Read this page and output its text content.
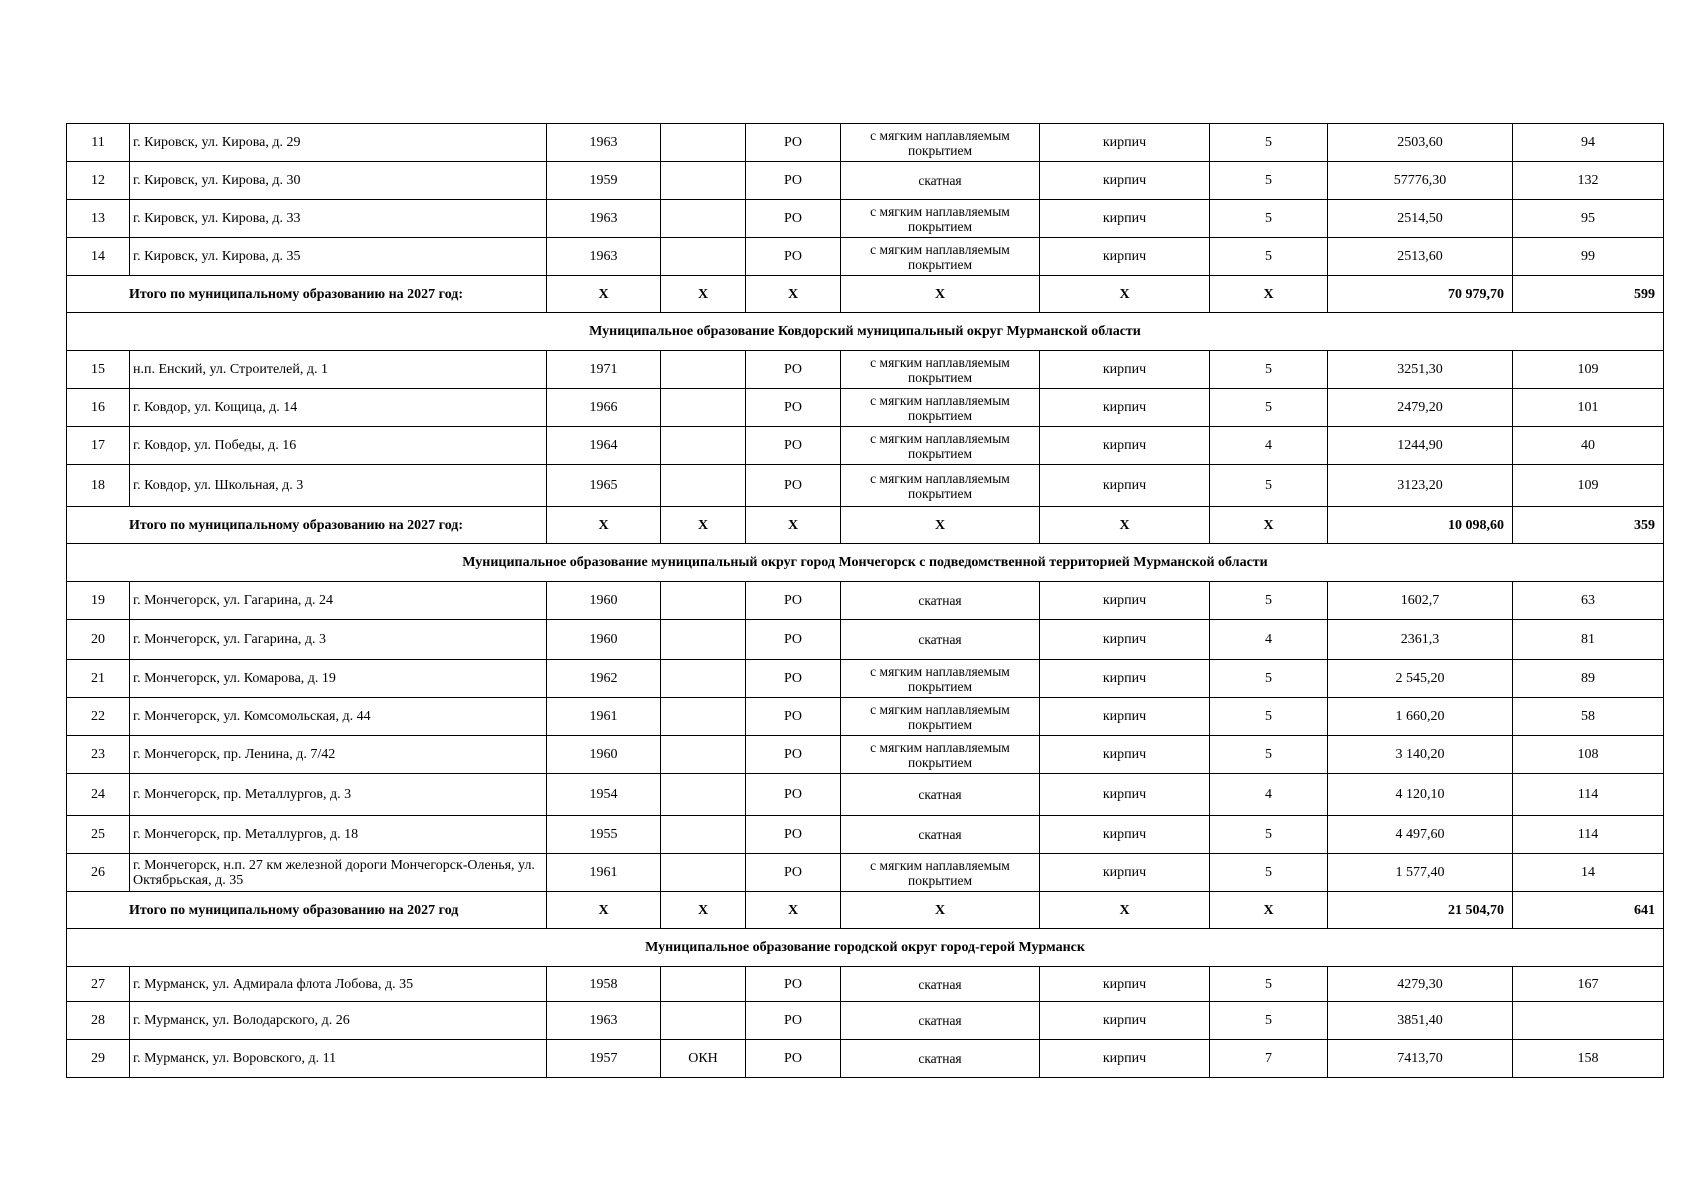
11	г. Кировск, ул. Кирова, д. 29	1963		РО	с мягким наплавляемым покрытием	кирпич	5	2503,60	94
12	г. Кировск, ул. Кирова, д. 30	1959		РО	скатная	кирпич	5	57776,30	132
13	г. Кировск, ул. Кирова, д. 33	1963		РО	с мягким наплавляемым покрытием	кирпич	5	2514,50	95
14	г. Кировск, ул. Кирова, д. 35	1963		РО	с мягким наплавляемым покрытием	кирпич	5	2513,60	99
Итого по муниципальному образованию на 2027 год:		X	X	X	X	X	X	70 979,70	599
Муниципальное образование Ковдорский муниципальный округ Мурманской области									
15	н.п. Енский, ул. Строителей, д. 1	1971		РО	с мягким наплавляемым покрытием	кирпич	5	3251,30	109
16	г. Ковдор, ул. Кощица, д. 14	1966		РО	с мягким наплавляемым покрытием	кирпич	5	2479,20	101
17	г. Ковдор, ул. Победы, д. 16	1964		РО	с мягким наплавляемым покрытием	кирпич	4	1244,90	40
18	г. Ковдор, ул. Школьная, д. 3	1965		РО	с мягким наплавляемым покрытием	кирпич	5	3123,20	109
Итого по муниципальному образованию на 2027 год:		X	X	X	X	X	X	10 098,60	359
Муниципальное образование муниципальный округ город Мончегорск с подведомственной территорией Мурманской области									
19	г. Мончегорск, ул. Гагарина, д. 24	1960		РО	скатная	кирпич	5	1602,7	63
20	г. Мончегорск, ул. Гагарина, д. 3	1960		РО	скатная	кирпич	4	2361,3	81
21	г. Мончегорск, ул. Комарова, д. 19	1962		РО	с мягким наплавляемым покрытием	кирпич	5	2 545,20	89
22	г. Мончегорск, ул. Комсомольская, д. 44	1961		РО	с мягким наплавляемым покрытием	кирпич	5	1 660,20	58
23	г. Мончегорск, пр. Ленина, д. 7/42	1960		РО	с мягким наплавляемым покрытием	кирпич	5	3 140,20	108
24	г. Мончегорск, пр. Металлургов, д. 3	1954		РО	скатная	кирпич	4	4 120,10	114
25	г. Мончегорск, пр. Металлургов, д. 18	1955		РО	скатная	кирпич	5	4 497,60	114
26	г. Мончегорск, н.п. 27 км железной дороги Мончегорск-Оленья, ул. Октябрьская, д. 35	1961		РО	с мягким наплавляемым покрытием	кирпич	5	1 577,40	14
Итого по муниципальному образованию на 2027 год		X	X	X	X	X	X	21 504,70	641
Муниципальное образование городской округ город-герой Мурманск									
27	г. Мурманск, ул. Адмирала флота Лобова, д. 35	1958		РО	скатная	кирпич	5	4279,30	167
28	г. Мурманск, ул. Володарского, д. 26	1963		РО	скатная	кирпич	5	3851,40	
29	г. Мурманск, ул. Воровского, д. 11	1957	ОКН	РО	скатная	кирпич	7	7413,70	158
